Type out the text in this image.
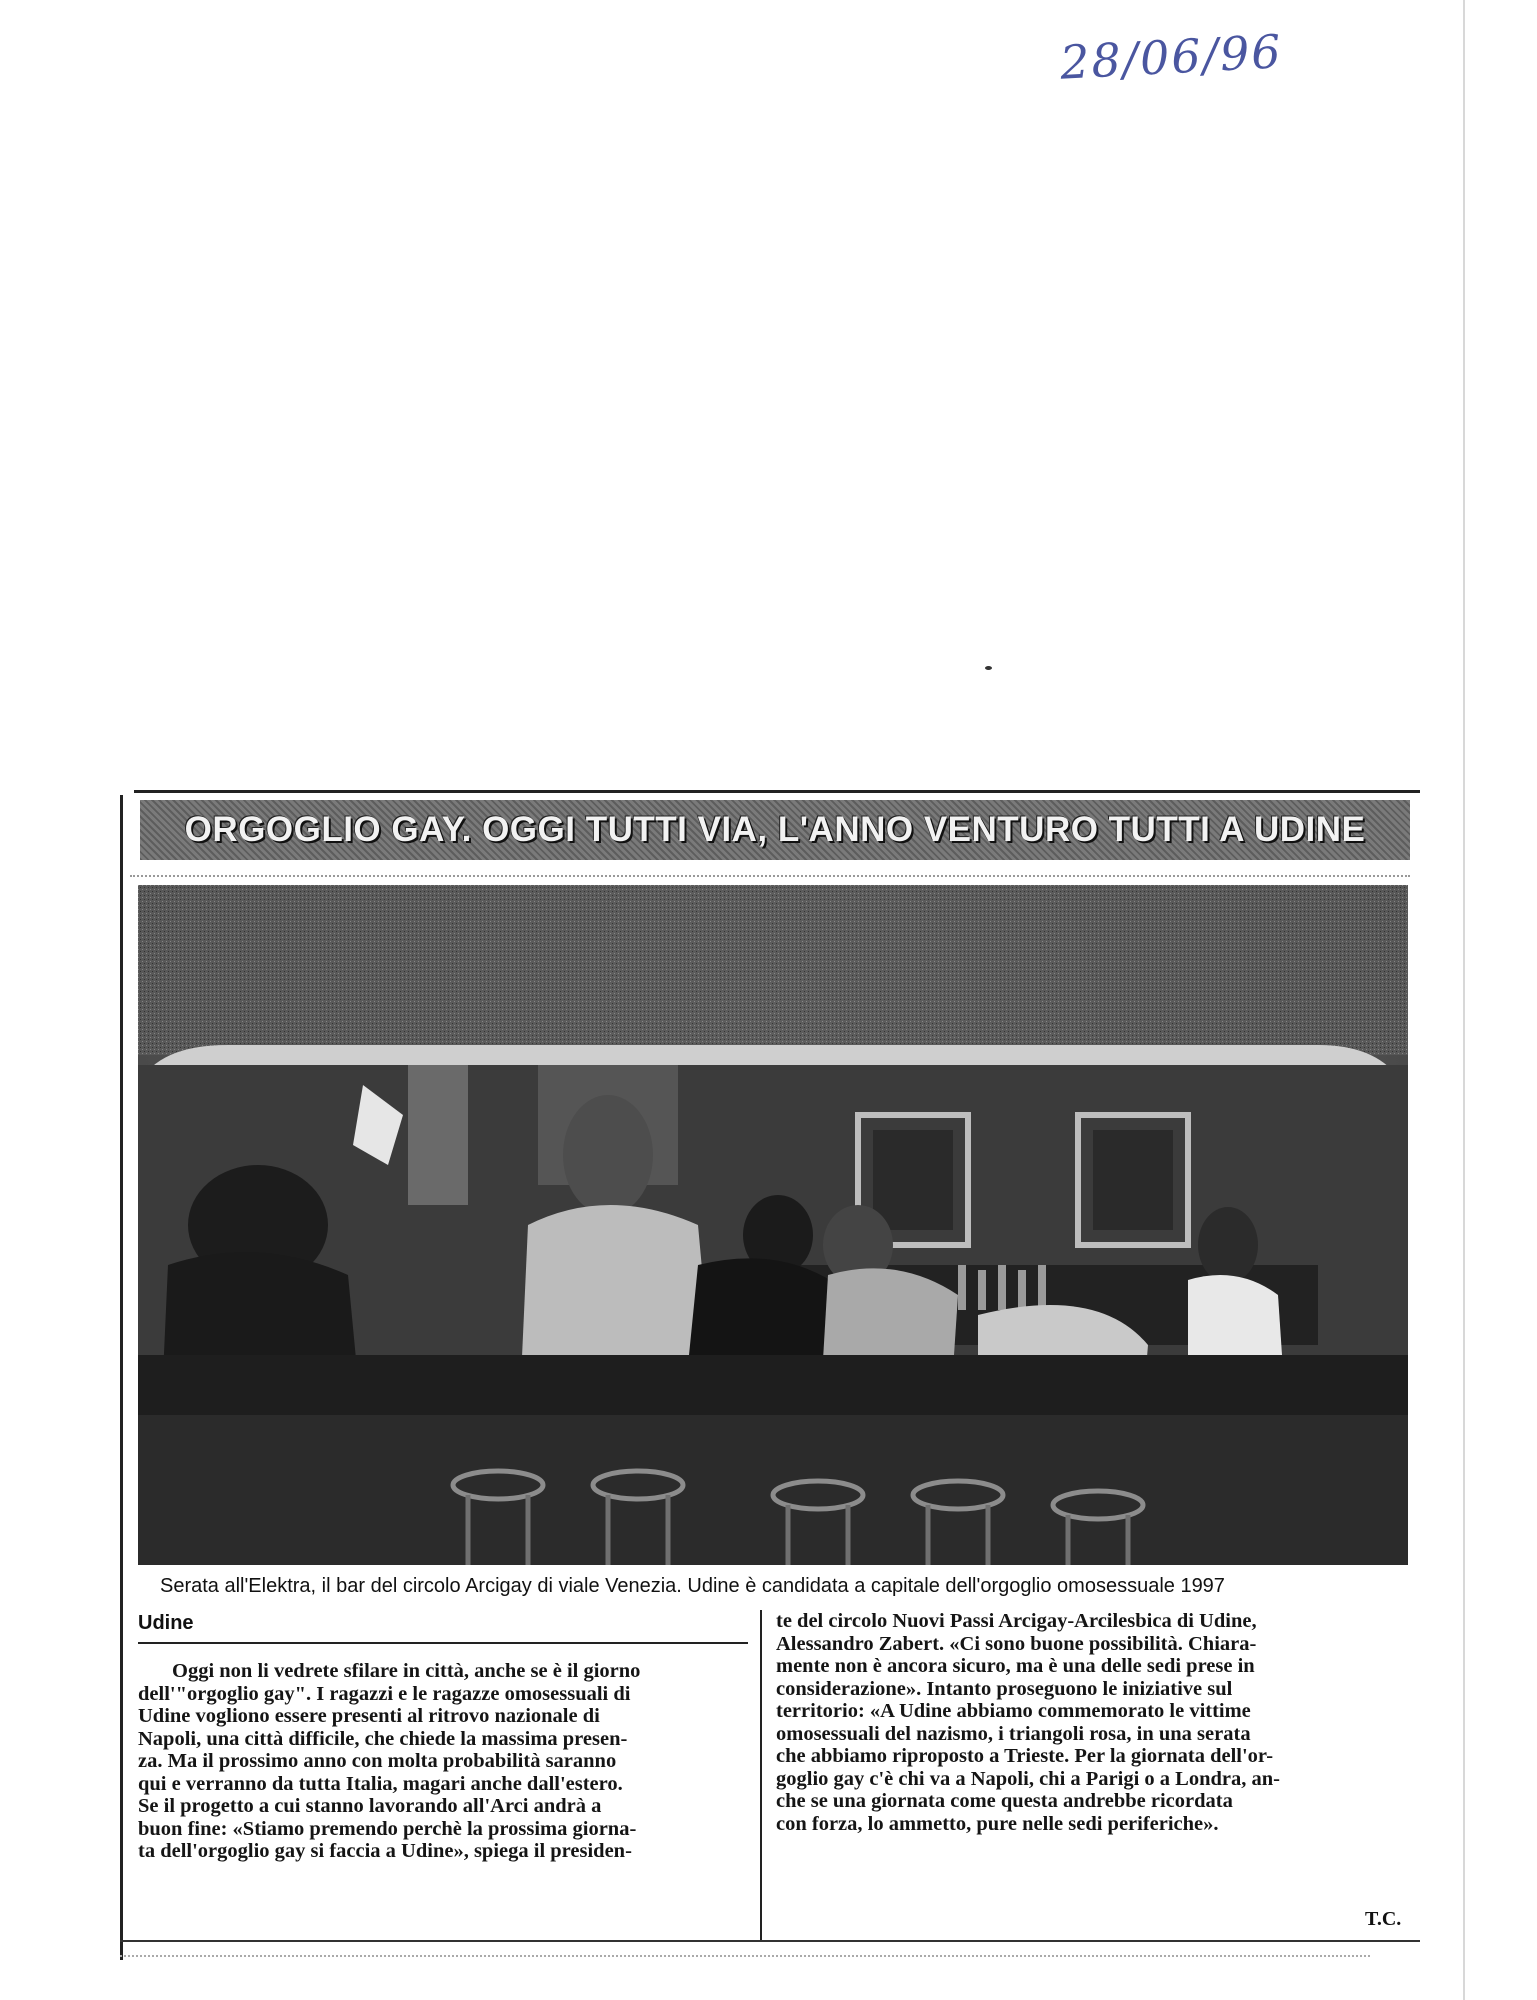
28/06/96
ORGOGLIO GAY. OGGI TUTTI VIA, L'ANNO VENTURO TUTTI A UDINE
Serata all'Elektra, il bar del circolo Arcigay di viale Venezia. Udine è candidata a capitale dell'orgoglio omosessuale 1997
Udine
Oggi non li vedrete sfilare in città, anche se è il giorno
dell'"orgoglio gay". I ragazzi e le ragazze omosessuali di
Udine vogliono essere presenti al ritrovo nazionale di
Napoli, una città difficile, che chiede la massima presen-
za. Ma il prossimo anno con molta probabilità saranno
qui e verranno da tutta Italia, magari anche dall'estero.
Se il progetto a cui stanno lavorando all'Arci andrà a
buon fine: «Stiamo premendo perchè la prossima giorna-
ta dell'orgoglio gay si faccia a Udine», spiega il presiden-
te del circolo Nuovi Passi Arcigay-Arcilesbica di Udine,
Alessandro Zabert. «Ci sono buone possibilità. Chiara-
mente non è ancora sicuro, ma è una delle sedi prese in
considerazione». Intanto proseguono le iniziative sul
territorio: «A Udine abbiamo commemorato le vittime
omosessuali del nazismo, i triangoli rosa, in una serata
che abbiamo riproposto a Trieste. Per la giornata dell'or-
goglio gay c'è chi va a Napoli, chi a Parigi o a Londra, an-
che se una giornata come questa andrebbe ricordata
con forza, lo ammetto, pure nelle sedi periferiche».
T.C.
